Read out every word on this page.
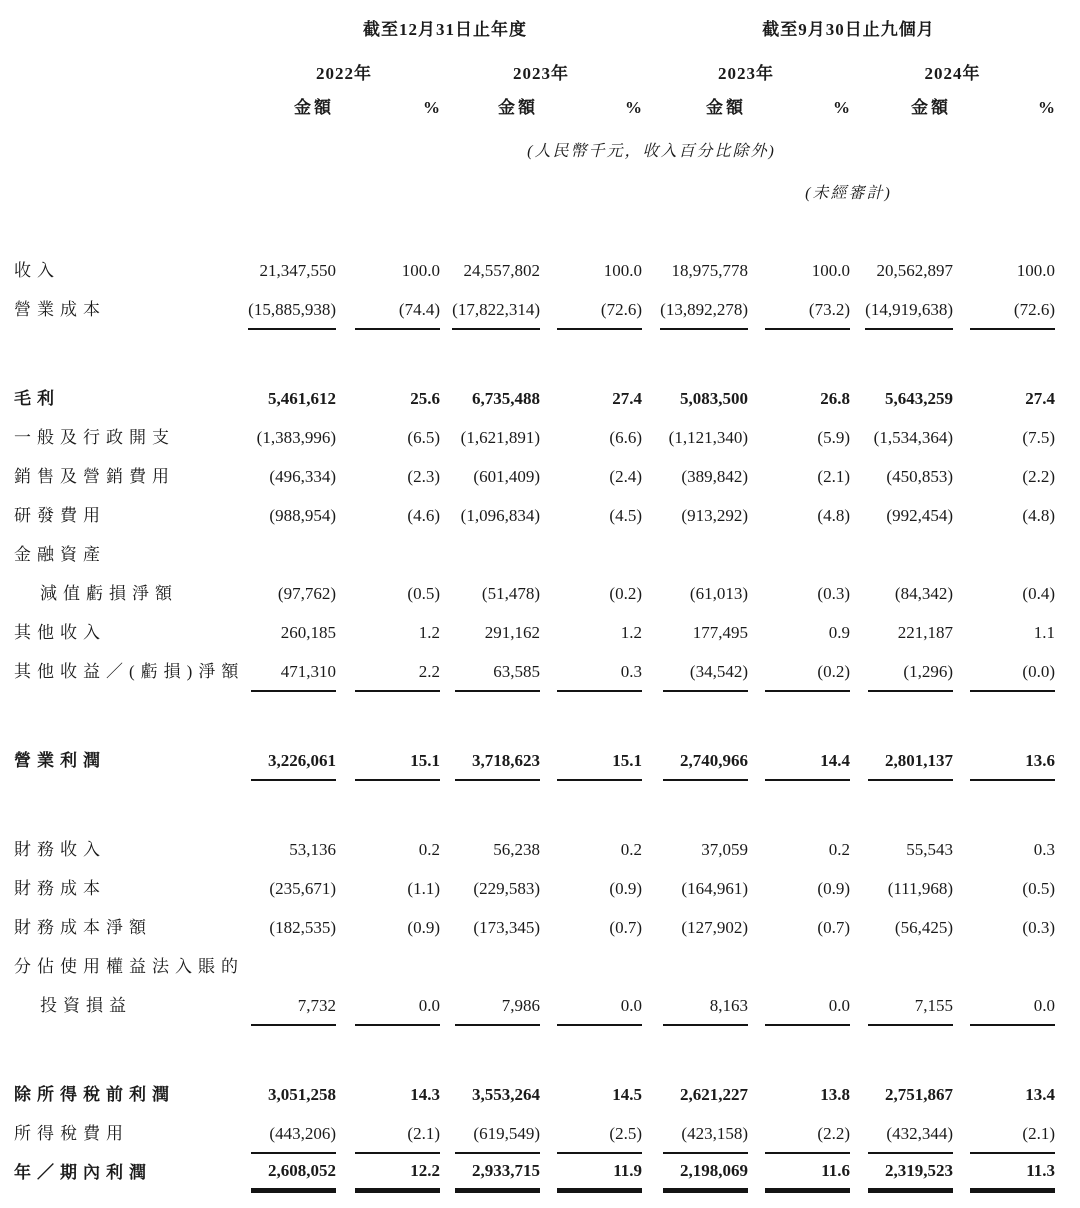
	截至12月31日止年度				截至9月30日止九個月			
	2022年		2023年		2023年		2024年	
	金額	%	金額	%	金額	%	金額	%
	(人民幣千元，收入百分比除外)							
					(未經審計)			

收入	21,347,550	100.0	24,557,802	100.0	18,975,778	100.0	20,562,897	100.0
營業成本	(15,885,938)	(74.4)	(17,822,314)	(72.6)	(13,892,278)	(73.2)	(14,919,638)	(72.6)

毛利	5,461,612	25.6	6,735,488	27.4	5,083,500	26.8	5,643,259	27.4
一般及行政開支	(1,383,996)	(6.5)	(1,621,891)	(6.6)	(1,121,340)	(5.9)	(1,534,364)	(7.5)
銷售及營銷費用	(496,334)	(2.3)	(601,409)	(2.4)	(389,842)	(2.1)	(450,853)	(2.2)
研發費用	(988,954)	(4.6)	(1,096,834)	(4.5)	(913,292)	(4.8)	(992,454)	(4.8)
金融資產								
減值虧損淨額	(97,762)	(0.5)	(51,478)	(0.2)	(61,013)	(0.3)	(84,342)	(0.4)
其他收入	260,185	1.2	291,162	1.2	177,495	0.9	221,187	1.1
其他收益／(虧損)淨額	471,310	2.2	63,585	0.3	(34,542)	(0.2)	(1,296)	(0.0)

營業利潤	3,226,061	15.1	3,718,623	15.1	2,740,966	14.4	2,801,137	13.6

財務收入	53,136	0.2	56,238	0.2	37,059	0.2	55,543	0.3
財務成本	(235,671)	(1.1)	(229,583)	(0.9)	(164,961)	(0.9)	(111,968)	(0.5)
財務成本淨額	(182,535)	(0.9)	(173,345)	(0.7)	(127,902)	(0.7)	(56,425)	(0.3)
分佔使用權益法入賬的								
投資損益	7,732	0.0	7,986	0.0	8,163	0.0	7,155	0.0

除所得稅前利潤	3,051,258	14.3	3,553,264	14.5	2,621,227	13.8	2,751,867	13.4
所得稅費用	(443,206)	(2.1)	(619,549)	(2.5)	(423,158)	(2.2)	(432,344)	(2.1)
年／期內利潤	2,608,052	12.2	2,933,715	11.9	2,198,069	11.6	2,319,523	11.3
